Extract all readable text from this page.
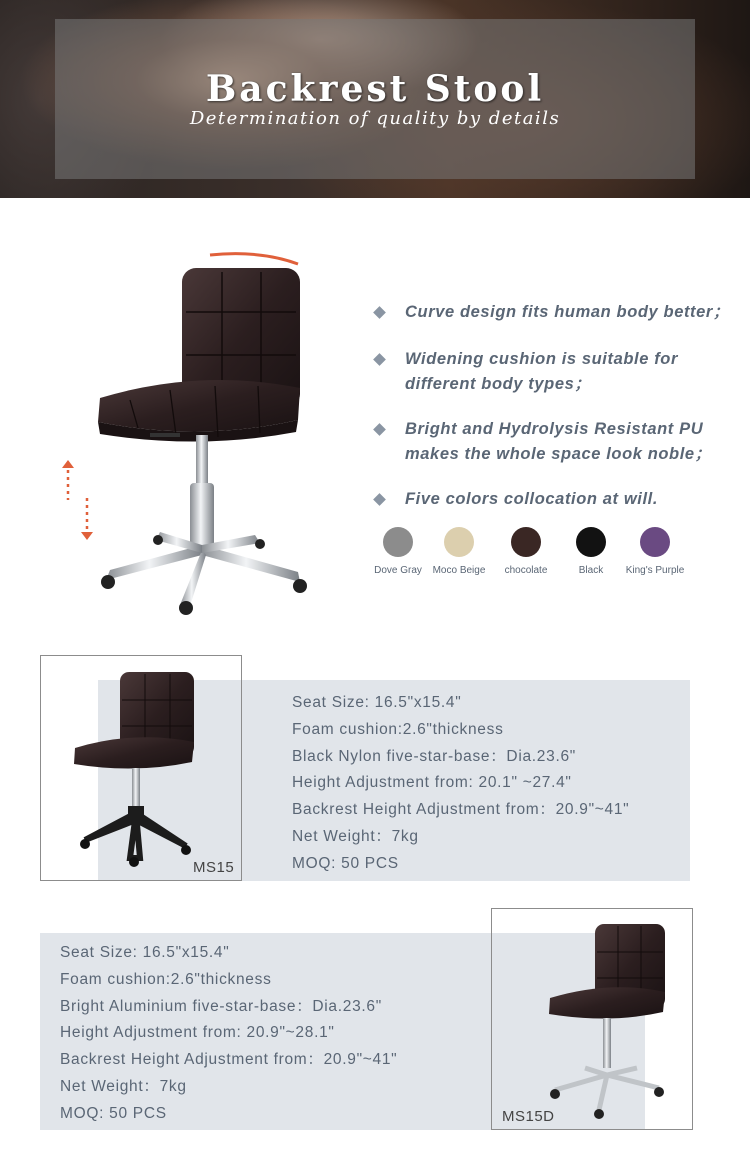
Backrest Stool
Determination of quality by details
Curve design fits human body better；
Widening cushion is suitable for different body types；
Bright and Hydrolysis Resistant PU makes the whole space look noble；
Five colors collocation at will.
Dove Gray	Moco Beige	chocolate	Black	King's Purple
Seat Size: 16.5"x15.4"
Foam cushion:2.6"thickness
Black Nylon five-star-base：Dia.23.6"
Height Adjustment from: 20.1" ~27.4"
Backrest Height Adjustment from：20.9"~41"
Net Weight：7kg
MOQ: 50 PCS
MS15
Seat Size: 16.5"x15.4"
Foam cushion:2.6"thickness
Bright Aluminium five-star-base：Dia.23.6"
Height Adjustment from: 20.9"~28.1"
Backrest Height Adjustment from：20.9"~41"
Net Weight：7kg
MOQ: 50 PCS	MS15D
